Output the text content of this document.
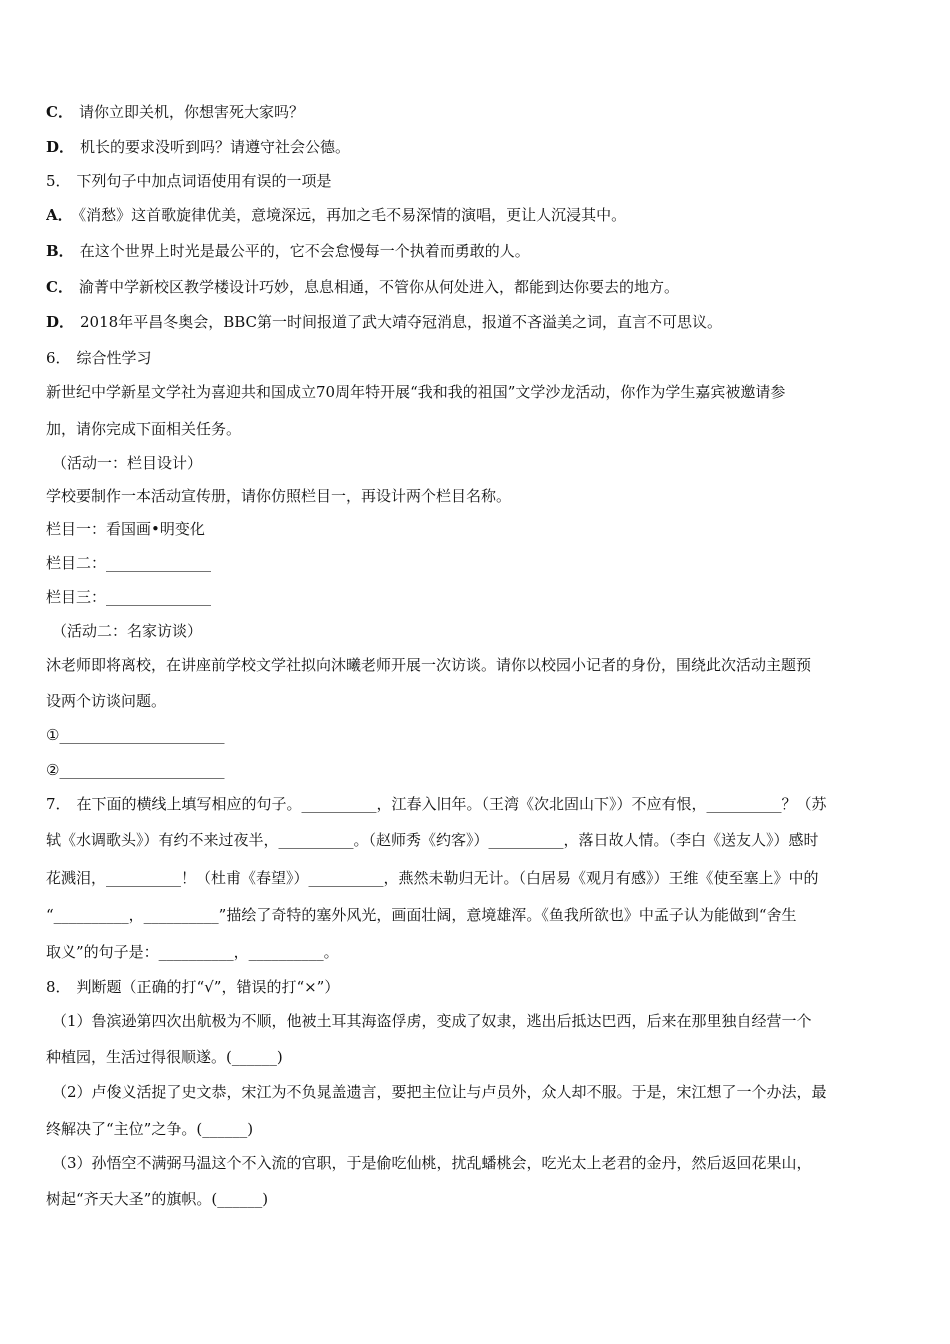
C． 请你立即关机，你想害死大家吗？
D． 机长的要求没听到吗？请遵守社会公德。
5． 下列句子中加点词语使用有误的一项是
A． 《消愁》这首歌旋律优美，意境深远，再加之毛不易深情的演唱，更让人沉浸其中。
B． 在这个世界上时光是最公平的，它不会怠慢每一个执着而勇敢的人。
C． 渝菁中学新校区教学楼设计巧妙，息息相通，不管你从何处进入，都能到达你要去的地方。
D． 2018年平昌冬奥会，BBC第一时间报道了武大靖夺冠消息，报道不吝溢美之词，直言不可思议。
6． 综合性学习
新世纪中学新星文学社为喜迎共和国成立70周年特开展“我和我的祖国”文学沙龙活动，你作为学生嘉宾被邀请参
加，请你完成下面相关任务。
（活动一：栏目设计）
学校要制作一本活动宣传册，请你仿照栏目一，再设计两个栏目名称。
栏目一：看国画•明变化
栏目二：______________
栏目三：______________
（活动二：名家访谈）
沐老师即将离校，在讲座前学校文学社拟向沐曦老师开展一次访谈。请你以校园小记者的身份，围绕此次活动主题预
设两个访谈问题。
①______________________
②______________________
7． 在下面的横线上填写相应的句子。__________，江春入旧年。（王湾《次北固山下》）不应有恨，__________？（苏
轼《水调歌头》）有约不来过夜半，__________。（赵师秀《约客》）__________，落日故人情。（李白《送友人》）感时
花溅泪，__________！（杜甫《春望》）__________，燕然未勒归无计。（白居易《观月有感》）王维《使至塞上》中的
“__________，__________”描绘了奇特的塞外风光，画面壮阔，意境雄浑。《鱼我所欲也》中孟子认为能做到“舍生
取义”的句子是：__________，__________。
8． 判断题（正确的打“√”，错误的打“×”）
（1）鲁滨逊第四次出航极为不顺，他被土耳其海盗俘虏，变成了奴隶，逃出后抵达巴西，后来在那里独自经营一个
种植园，生活过得很顺遂。(______)
（2）卢俊义活捉了史文恭，宋江为不负晁盖遗言，要把主位让与卢员外，众人却不服。于是，宋江想了一个办法，最
终解决了“主位”之争。(______)
（3）孙悟空不满弼马温这个不入流的官职，于是偷吃仙桃，扰乱蟠桃会，吃光太上老君的金丹，然后返回花果山，
树起“齐天大圣”的旗帜。(______)
